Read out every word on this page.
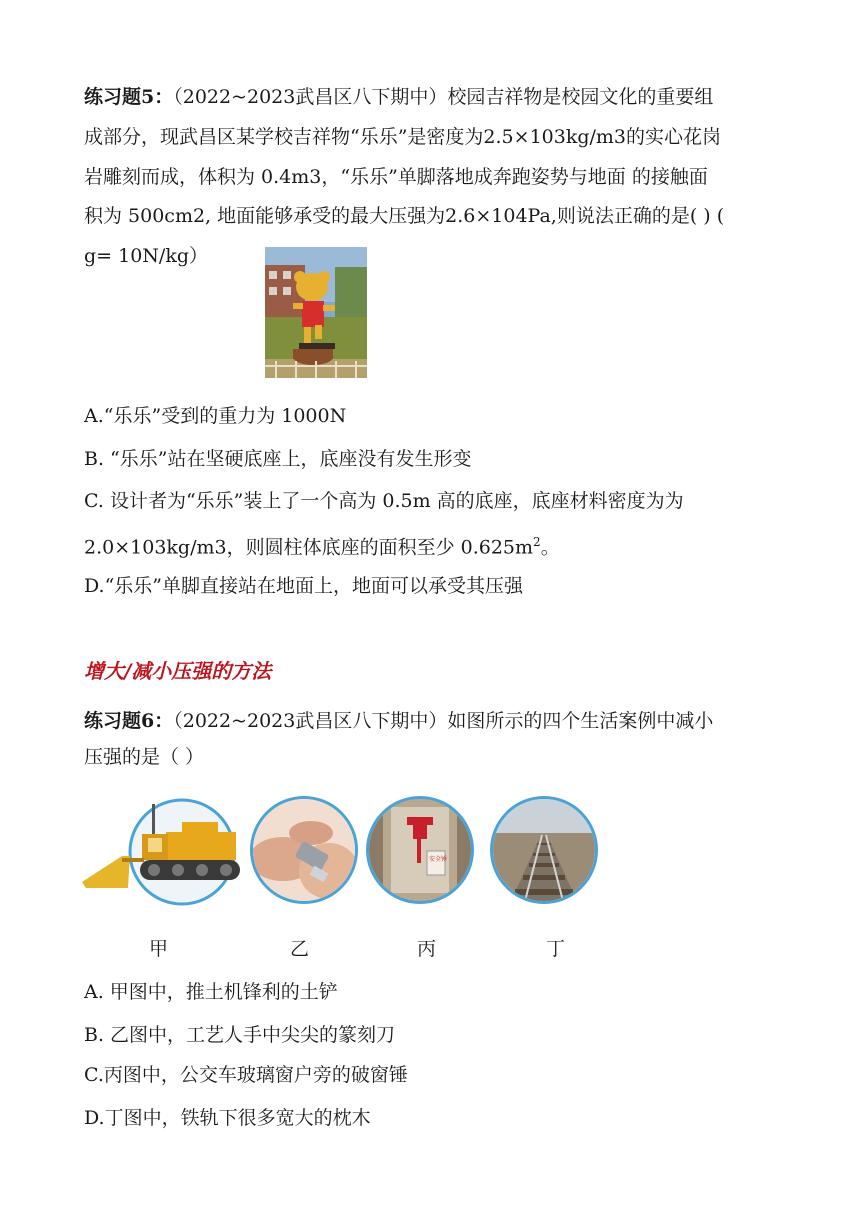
练习题5：（2022~2023武昌区八下期中）校园吉祥物是校园文化的重要组
成部分，现武昌区某学校吉祥物“乐乐”是密度为2.5×103kg/m3的实心花岗
岩雕刻而成，体积为 0.4m3，“乐乐”单脚落地成奔跑姿势与地面 的接触面
积为 500cm2, 地面能够承受的最大压强为2.6×104Pa,则说法正确的是( ) (
g= 10N/kg）
A.“乐乐”受到的重力为 1000N
B. “乐乐”站在坚硬底座上，底座没有发生形变
C. 设计者为“乐乐”装上了一个高为 0.5m 高的底座，底座材料密度为为
2.0×103kg/m3，则圆柱体底座的面积至少 $0.625m^2$。
D.“乐乐”单脚直接站在地面上，地面可以承受其压强
增大/减小压强的方法
练习题6：（2022~2023武昌区八下期中）如图所示的四个生活案例中减小
压强的是（ ）
安全锤
甲	乙	丙	丁
A. 甲图中，推土机锋利的土铲
B. 乙图中，工艺人手中尖尖的篆刻刀
C.丙图中，公交车玻璃窗户旁的破窗锤
D.丁图中，铁轨下很多宽大的枕木
